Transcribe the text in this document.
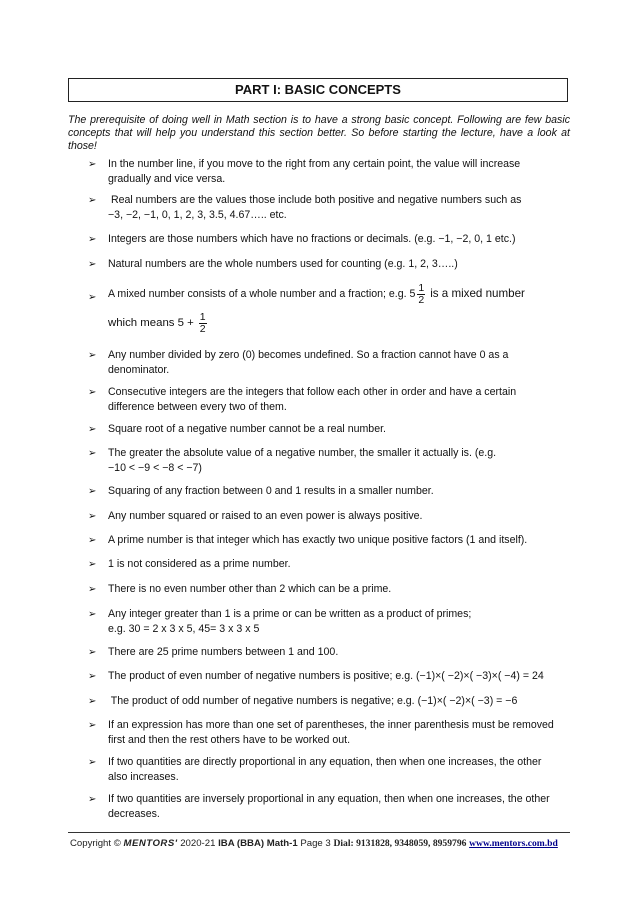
PART I: BASIC CONCEPTS
The prerequisite of doing well in Math section is to have a strong basic concept. Following are few basic concepts that will help you understand this section better. So before starting the lecture, have a look at those!
➢	In the number line, if you move to the right from any certain point, the value will increase
gradually and vice versa.
➢	Real numbers are the values those include both positive and negative numbers such as
−3, −2, −1, 0, 1, 2, 3, 3.5, 4.67….. etc.
➢	Integers are those numbers which have no fractions or decimals. (e.g. −1, −2, 0, 1 etc.)
➢	Natural numbers are the whole numbers used for counting (e.g. 1, 2, 3…..)
➢	A mixed number consists of a whole number and a fraction; e.g. $5 \frac{1}{2}$ is a mixed number
which means $5 + \frac{1}{2}$
➢	Any number divided by zero (0) becomes undefined. So a fraction cannot have 0 as a
denominator.
➢	Consecutive integers are the integers that follow each other in order and have a certain
difference between every two of them.
➢	Square root of a negative number cannot be a real number.
➢	The greater the absolute value of a negative number, the smaller it actually is. (e.g.
−10 < −9 < −8 < −7)
➢	Squaring of any fraction between 0 and 1 results in a smaller number.
➢	Any number squared or raised to an even power is always positive.
➢	A prime number is that integer which has exactly two unique positive factors (1 and itself).
➢	1 is not considered as a prime number.
➢	There is no even number other than 2 which can be a prime.
➢	Any integer greater than 1 is a prime or can be written as a product of primes;
e.g. 30 = 2 x 3 x 5, 45= 3 x 3 x 5
➢	There are 25 prime numbers between 1 and 100.
➢	The product of even number of negative numbers is positive; e.g. (−1)×( −2)×( −3)×( −4) = 24
➢	The product of odd number of negative numbers is negative; e.g. (−1)×( −2)×( −3) = −6
➢	If an expression has more than one set of parentheses, the inner parenthesis must be removed
first and then the rest others have to be worked out.
➢	If two quantities are directly proportional in any equation, then when one increases, the other
also increases.
➢	If two quantities are inversely proportional in any equation, then when one increases, the other
decreases.
Copyright © MENTORS' 2020-21 IBA (BBA) Math-1 Page 3 Dial: 9131828, 9348059, 8959796 www.mentors.com.bd
